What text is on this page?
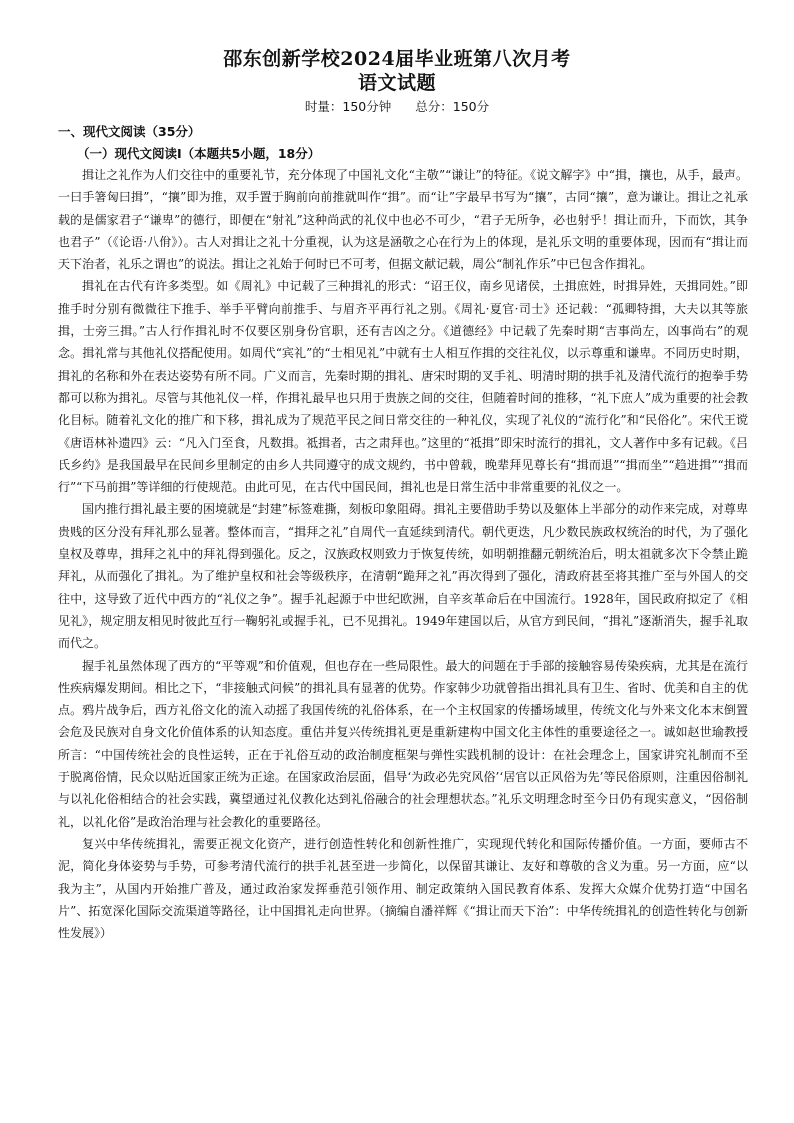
邵东创新学校2024届毕业班第八次月考
语文试题
时量：150分钟 总分：150分
一、现代文阅读（35分）
（一）现代文阅读Ⅰ（本题共5小题，18分）

揖让之礼作为人们交往中的重要礼节，充分体现了中国礼文化“主敬”“谦让”的特征。《说文解字》中“揖，攘也，从手，最声。一曰手箸匈曰揖”，“攘”即为推，双手置于胸前向前推就叫作“揖”。而“让”字最早书写为“攘”，古同“攘”，意为谦让。揖让之礼承载的是儒家君子“谦卑”的德行，即便在“射礼”这种尚武的礼仪中也必不可少，“君子无所争，必也射乎！揖让而升，下而饮，其争也君子”（《论语·八佾》）。古人对揖让之礼十分重视，认为这是涵敬之心在行为上的体现，是礼乐文明的重要体现，因而有“揖让而天下治者，礼乐之谓也”的说法。揖让之礼始于何时已不可考，但据文献记载，周公“制礼作乐”中已包含作揖礼。

揖礼在古代有许多类型。如《周礼》中记载了三种揖礼的形式：“诏王仪，南乡见诸侯，土揖庶姓，时揖异姓，天揖同姓。”即推手时分别有微微往下推手、举手平臂向前推手、与眉齐平再行礼之别。《周礼·夏官·司士》还记载：“孤卿特揖，大夫以其等旅揖，士旁三揖。”古人行作揖礼时不仅要区别身份官职，还有吉凶之分。《道德经》中记载了先秦时期“吉事尚左，凶事尚右”的观念。揖礼常与其他礼仪搭配使用。如周代“宾礼”的“士相见礼”中就有士人相互作揖的交往礼仪，以示尊重和谦卑。不同历史时期，揖礼的名称和外在表达姿势有所不同。广义而言，先秦时期的揖礼、唐宋时期的叉手礼、明清时期的拱手礼及清代流行的抱拳手势都可以称为揖礼。尽管与其他礼仪一样，作揖礼最早也只用于贵族之间的交往，但随着时间的推移，“礼下庶人”成为重要的社会教化目标。随着礼文化的推广和下移，揖礼成为了规范平民之间日常交往的一种礼仪，实现了礼仪的“流行化”和“民俗化”。宋代王谠《唐语林补遗四》云：“凡入门至食，凡数揖。祗揖者，古之肃拜也。”这里的“祗揖”即宋时流行的揖礼，文人著作中多有记载。《吕氏乡约》是我国最早在民间乡里制定的由乡人共同遵守的成文规约，书中曾载，晚辈拜见尊长有“揖而退”“揖而坐”“趋进揖”“揖而行”“下马前揖”等详细的行使规范。由此可见，在古代中国民间，揖礼也是日常生活中非常重要的礼仪之一。

国内推行揖礼最主要的困境就是“封建”标签难撕，刻板印象阻碍。揖礼主要借助手势以及躯体上半部分的动作来完成，对尊卑贵贱的区分没有拜礼那么显著。整体而言，“揖拜之礼”自周代一直延续到清代。朝代更迭，凡少数民族政权统治的时代，为了强化皇权及尊卑，揖拜之礼中的拜礼得到强化。反之，汉族政权则致力于恢复传统，如明朝推翻元朝统治后，明太祖就多次下令禁止跪拜礼，从而强化了揖礼。为了维护皇权和社会等级秩序，在清朝“跪拜之礼”再次得到了强化，清政府甚至将其推广至与外国人的交往中，这导致了近代中西方的“礼仪之争”。握手礼起源于中世纪欧洲，自辛亥革命后在中国流行。1928年，国民政府拟定了《相见礼》，规定朋友相见时彼此互行一鞠躬礼或握手礼，已不见揖礼。1949年建国以后，从官方到民间，“揖礼”逐渐消失，握手礼取而代之。

握手礼虽然体现了西方的“平等观”和价值观，但也存在一些局限性。最大的问题在于手部的接触容易传染疾病，尤其是在流行性疾病爆发期间。相比之下，“非接触式问候”的揖礼具有显著的优势。作家韩少功就曾指出揖礼具有卫生、省时、优美和自主的优点。鸦片战争后，西方礼俗文化的流入动摇了我国传统的礼俗体系，在一个主权国家的传播场域里，传统文化与外来文化本末倒置会危及民族对自身文化价值体系的认知态度。重估并复兴传统揖礼更是重新建构中国文化主体性的重要途径之一。诚如赵世瑜教授所言：“中国传统社会的良性运转，正在于礼俗互动的政治制度框架与弹性实践机制的设计：在社会理念上，国家讲究礼制而不至于脱离俗情，民众以贴近国家正统为正途。在国家政治层面，倡导‘为政必先究风俗’‘居官以正风俗为先’等民俗原则，注重因俗制礼与以礼化俗相结合的社会实践，冀望通过礼仪教化达到礼俗融合的社会理想状态。”礼乐文明理念时至今日仍有现实意义，“因俗制礼，以礼化俗”是政治治理与社会教化的重要路径。

复兴中华传统揖礼，需要正视文化资产，进行创造性转化和创新性推广，实现现代转化和国际传播价值。一方面，要师古不泥，简化身体姿势与手势，可参考清代流行的拱手礼甚至进一步简化，以保留其谦让、友好和尊敬的含义为重。另一方面，应“以我为主”，从国内开始推广普及，通过政治家发挥垂范引领作用、制定政策纳入国民教育体系、发挥大众媒介优势打造“中国名片”、拓宽深化国际交流渠道等路径，让中国揖礼走向世界。（摘编自潘祥辉《“揖让而天下治”：中华传统揖礼的创造性转化与创新性发展》）
